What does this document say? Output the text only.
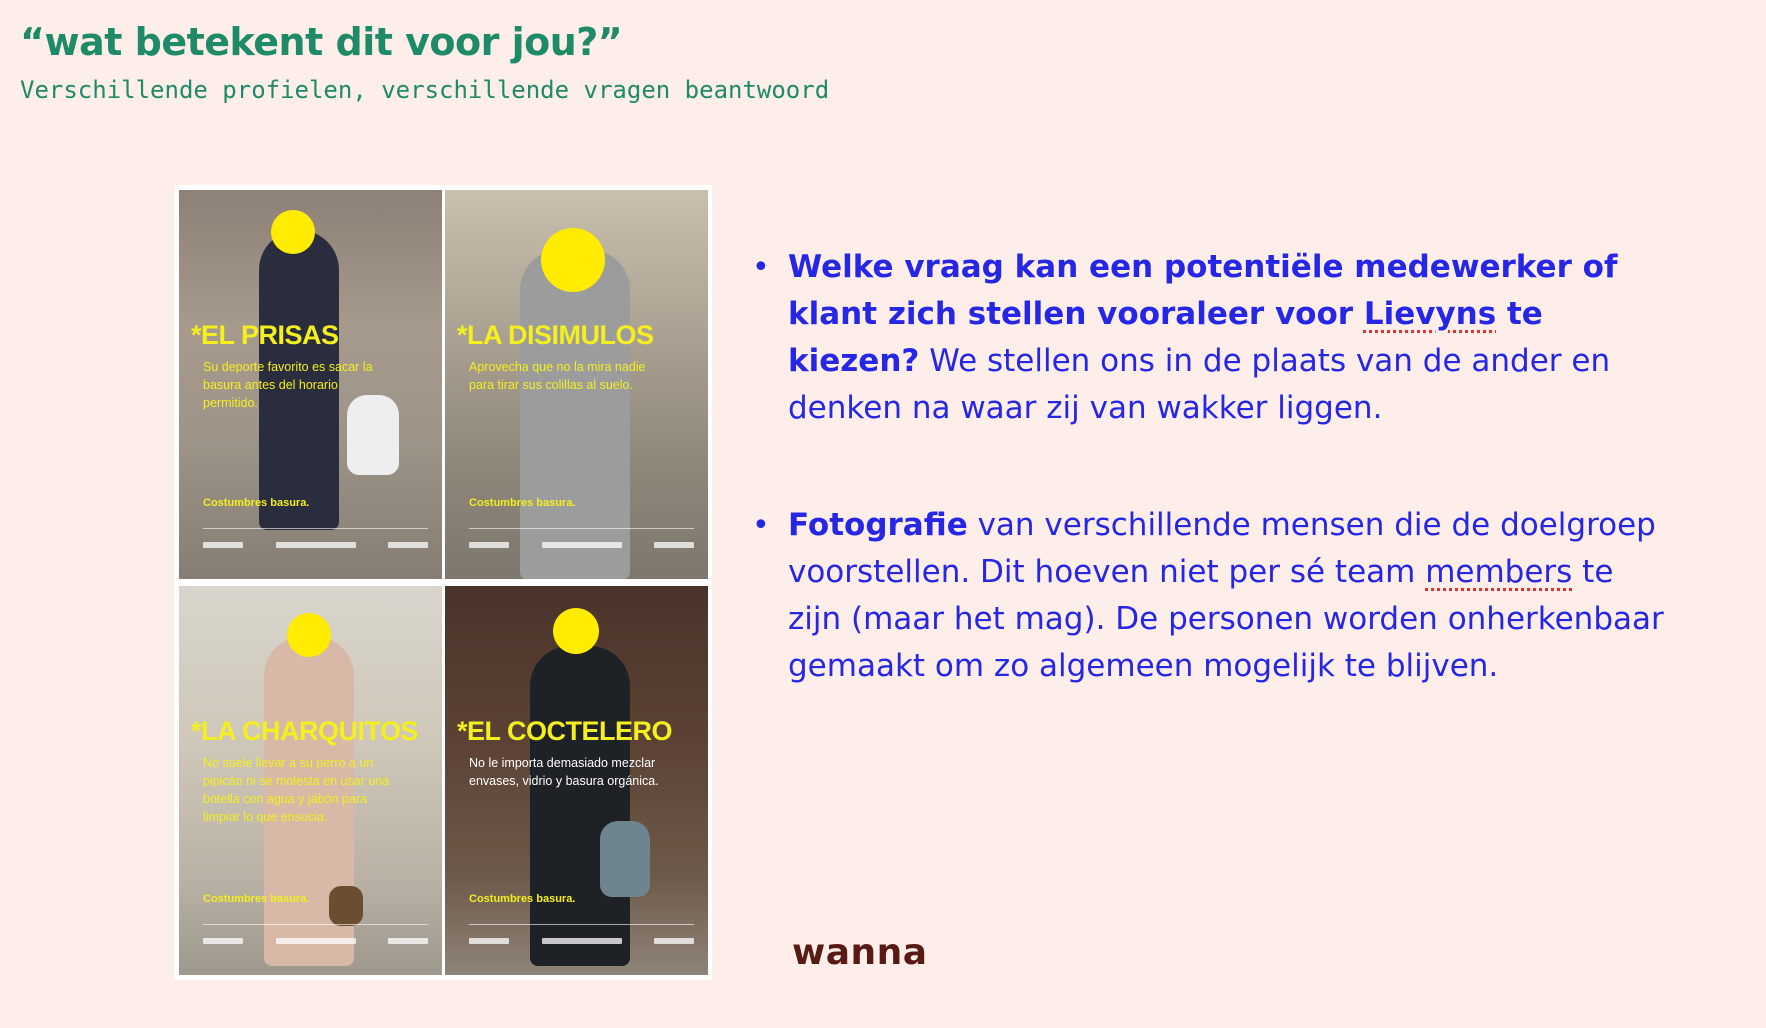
“wat betekent dit voor jou?”
Verschillende profielen, verschillende vragen beantwoord
*EL PRISAS
Su deporte favorito es sacar la basura antes del horario permitido.
Costumbres basura.
*LA DISIMULOS
Aprovecha que no la mira nadie para tirar sus colillas al suelo.
Costumbres basura.
*LA CHARQUITOS
No suele llevar a su perro a un pipicán ni se molesta en usar una botella con agua y jabón para limpiar lo que ensucia.
Costumbres basura.
*EL COCTELERO
No le importa demasiado mezclar envases, vidrio y basura orgánica.
Costumbres basura.
• Welke vraag kan een potentiële medewerker of klant zich stellen vooraleer voor Lievyns te kiezen? We stellen ons in de plaats van de ander en denken na waar zij van wakker liggen.
• Fotografie van verschillende mensen die de doelgroep voorstellen. Dit hoeven niet per sé team members te zijn (maar het mag). De personen worden onherkenbaar gemaakt om zo algemeen mogelijk te blijven.
wanna
